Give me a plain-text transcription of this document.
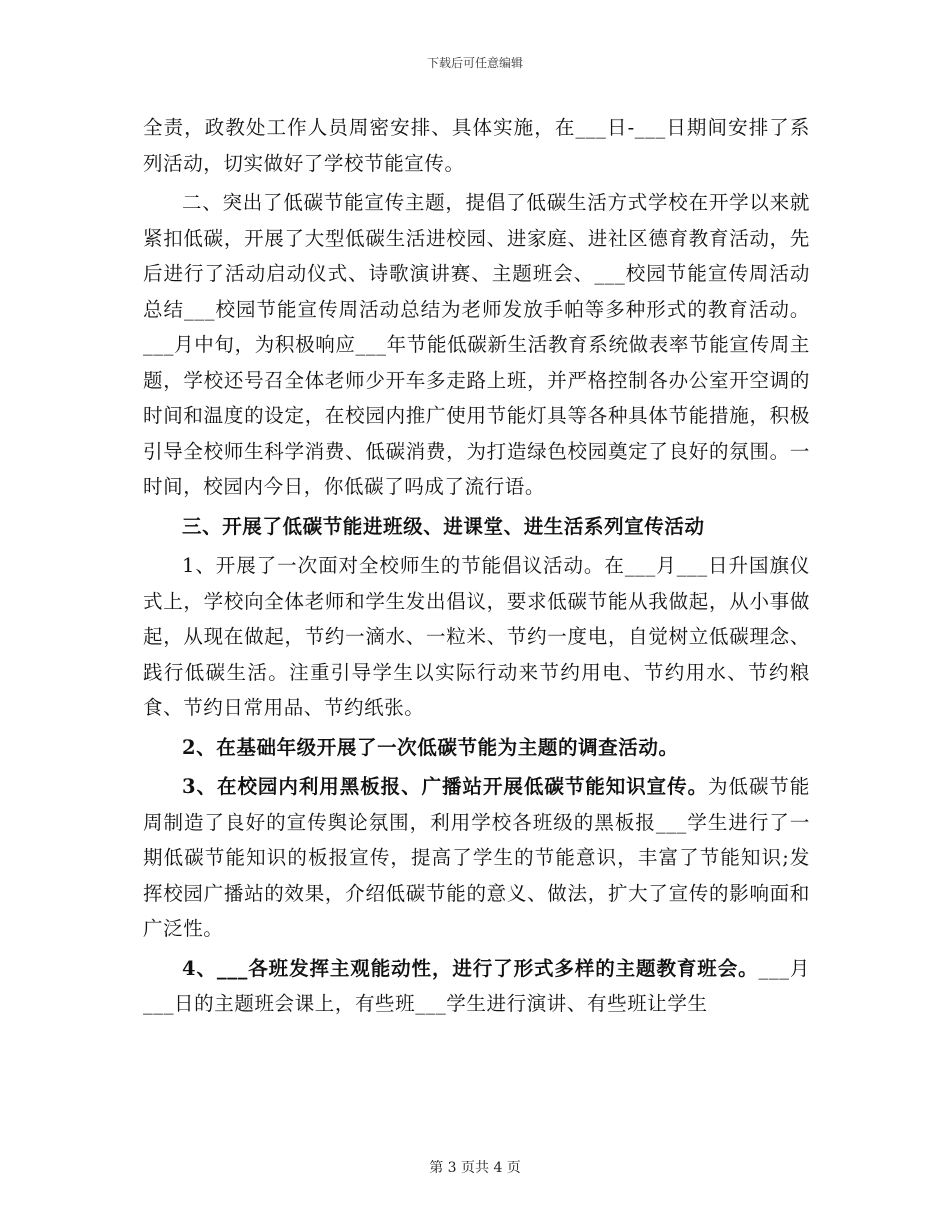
下载后可任意编辑

全责，政教处工作人员周密安排、具体实施，在___日-___日期间安排了系列活动，切实做好了学校节能宣传。

二、突出了低碳节能宣传主题，提倡了低碳生活方式学校在开学以来就紧扣低碳，开展了大型低碳生活进校园、进家庭、进社区德育教育活动，先后进行了活动启动仪式、诗歌演讲赛、主题班会、___校园节能宣传周活动总结___校园节能宣传周活动总结为老师发放手帕等多种形式的教育活动。___月中旬，为积极响应___年节能低碳新生活教育系统做表率节能宣传周主题，学校还号召全体老师少开车多走路上班，并严格控制各办公室开空调的时间和温度的设定，在校园内推广使用节能灯具等各种具体节能措施，积极引导全校师生科学消费、低碳消费，为打造绿色校园奠定了良好的氛围。一时间，校园内今日，你低碳了吗成了流行语。

三、开展了低碳节能进班级、进课堂、进生活系列宣传活动

1、开展了一次面对全校师生的节能倡议活动。在___月___日升国旗仪式上，学校向全体老师和学生发出倡议，要求低碳节能从我做起，从小事做起，从现在做起，节约一滴水、一粒米、节约一度电，自觉树立低碳理念、践行低碳生活。注重引导学生以实际行动来节约用电、节约用水、节约粮食、节约日常用品、节约纸张。

2、在基础年级开展了一次低碳节能为主题的调查活动。

3、在校园内利用黑板报、广播站开展低碳节能知识宣传。为低碳节能周制造了良好的宣传舆论氛围，利用学校各班级的黑板报___学生进行了一期低碳节能知识的板报宣传，提高了学生的节能意识，丰富了节能知识;发挥校园广播站的效果，介绍低碳节能的意义、做法，扩大了宣传的影响面和广泛性。

4、___各班发挥主观能动性，进行了形式多样的主题教育班会。___月___日的主题班会课上，有些班___学生进行演讲、有些班让学生

第 3 页共 4 页
